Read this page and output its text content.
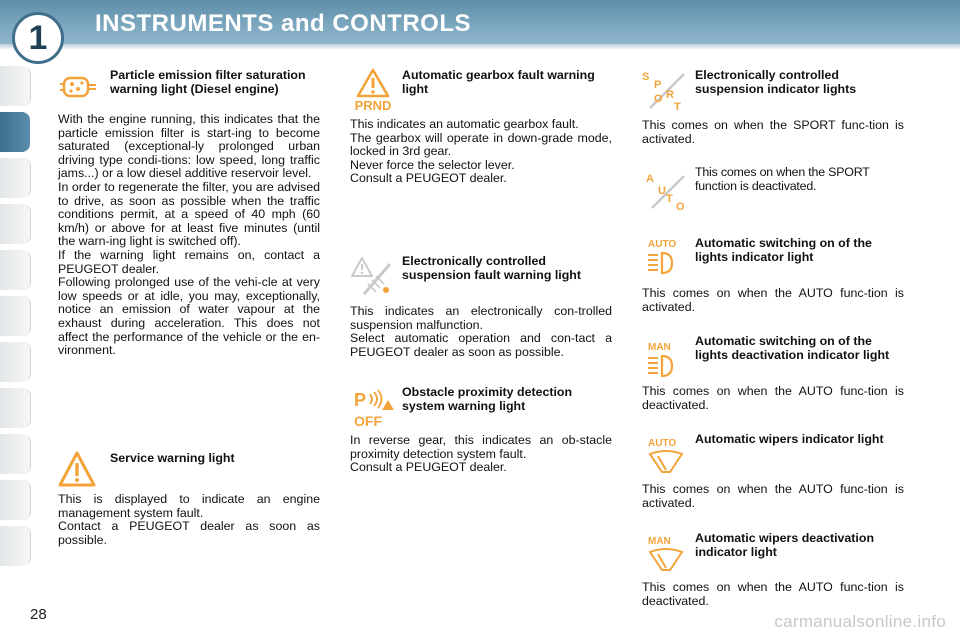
1	INSTRUMENTS and CONTROLS
Particle emission filter saturation warning light (Diesel engine)
With the engine running, this indicates that the particle emission filter is start-ing to become saturated (exceptional-ly prolonged urban driving type condi-tions: low speed, long traffic jams...) or a low diesel additive reservoir level.
In order to regenerate the filter, you are advised to drive, as soon as possible when the traffic conditions permit, at a speed of 40 mph (60 km/h) or above for at least five minutes (until the warn-ing light is switched off).
If the warning light remains on, contact a PEUGEOT dealer.
Following prolonged use of the vehi-cle at very low speeds or at idle, you may, exceptionally, notice an emission of water vapour at the exhaust during acceleration. This does not affect the performance of the vehicle or the en-vironment.
Service warning light
This is displayed to indicate an engine management system fault.
Contact a PEUGEOT dealer as soon as possible.
PRND
Automatic gearbox fault warning light
This indicates an automatic gearbox fault.
The gearbox will operate in down-grade mode, locked in 3rd gear.
Never force the selector lever.
Consult a PEUGEOT dealer.
Electronically controlled suspension fault warning light
This indicates an electronically con-trolled suspension malfunction.
Select automatic operation and con-tact a PEUGEOT dealer as soon as possible.
P
OFF
Obstacle proximity detection system warning light
In reverse gear, this indicates an ob-stacle proximity detection system fault.
Consult a PEUGEOT dealer.
S
P
O R
T
Electronically controlled suspension indicator lights
This comes on when the SPORT func-tion is activated.
A
U
T
O
This comes on when the SPORT function is deactivated.
AUTO Automatic switching on of the lights indicator light
This comes on when the AUTO func-tion is activated.
MAN Automatic switching on of the lights deactivation indicator light
This comes on when the AUTO func-tion is deactivated.
AUTO Automatic wipers indicator light
This comes on when the AUTO func-tion is activated.
MAN Automatic wipers deactivation indicator light
This comes on when the AUTO func-tion is deactivated.
28	carmanualsonline.info
